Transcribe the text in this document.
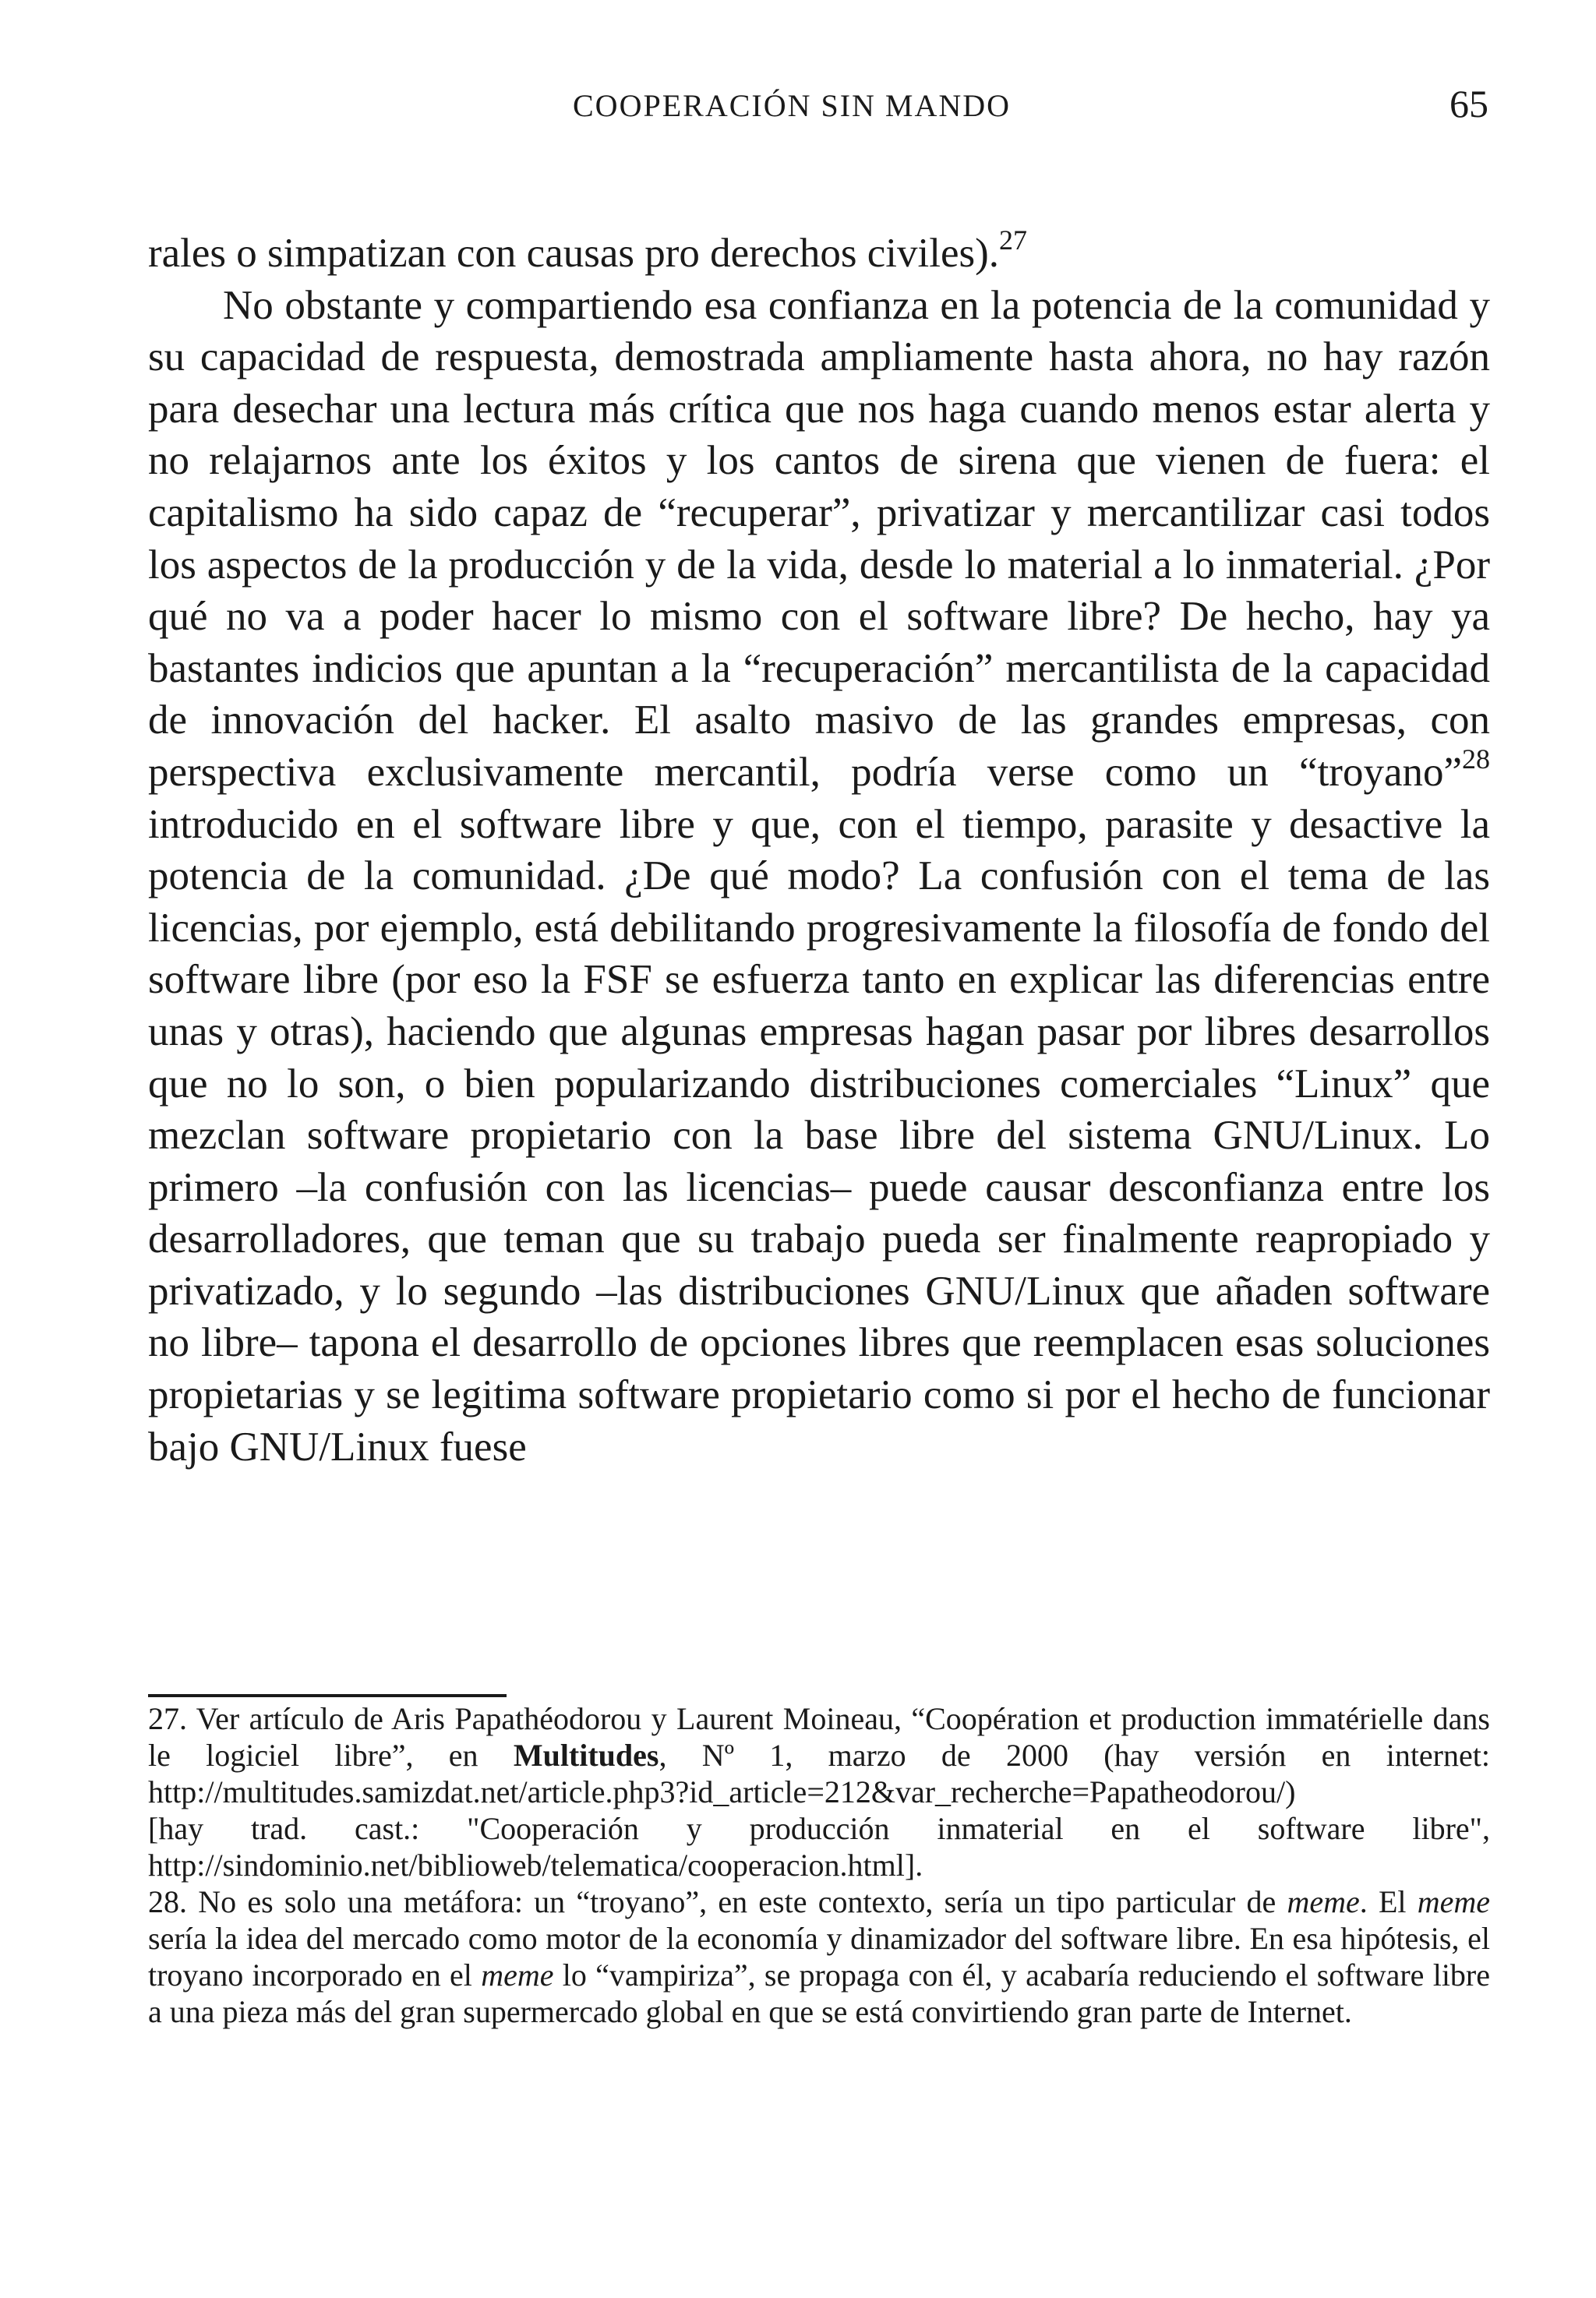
COOPERACIÓN SIN MANDO	65

rales o simpatizan con causas pro derechos civiles).$^{27}$

No obstante y compartiendo esa confianza en la potencia de la comunidad y su capacidad de respuesta, demostrada ampliamente hasta ahora, no hay razón para desechar una lectura más crítica que nos haga cuando menos estar alerta y no relajarnos ante los éxitos y los cantos de sirena que vienen de fuera: el capitalismo ha sido capaz de “recuperar”, privatizar y mercantilizar casi todos los aspectos de la producción y de la vida, desde lo material a lo inmaterial. ¿Por qué no va a poder hacer lo mismo con el software libre? De hecho, hay ya bastantes indicios que apuntan a la “recuperación” mercantilista de la capacidad de innovación del hacker. El asalto masivo de las grandes empresas, con perspectiva exclusivamente mercantil, podría verse como un “troyano”$^{28}$ introducido en el software libre y que, con el tiempo, parasite y desactive la potencia de la comunidad. ¿De qué modo? La confusión con el tema de las licencias, por ejemplo, está debilitando progresivamente la filosofía de fondo del software libre (por eso la FSF se esfuerza tanto en explicar las diferencias entre unas y otras), haciendo que algunas empresas hagan pasar por libres desarrollos que no lo son, o bien popularizando distribuciones comerciales “Linux” que mezclan software propietario con la base libre del sistema GNU/Linux. Lo primero –la confusión con las licencias– puede causar desconfianza entre los desarrolladores, que teman que su trabajo pueda ser finalmente reapropiado y privatizado, y lo segundo –las distribuciones GNU/Linux que añaden software no libre– tapona el desarrollo de opciones libres que reemplacen esas soluciones propietarias y se legitima software propietario como si por el hecho de funcionar bajo GNU/Linux fuese

27. Ver artículo de Aris Papathéodorou y Laurent Moineau, “Coopération et production immatérielle dans le logiciel libre”, en Multitudes, Nº 1, marzo de 2000 (hay versión en internet: http://multitudes.samizdat.net/article.php3?id_article=212&var_recherche=Papatheodorou/)

[hay trad. cast.: "Cooperación y producción inmaterial en el software libre", http://sindominio.net/biblioweb/telematica/cooperacion.html].

28. No es solo una metáfora: un “troyano”, en este contexto, sería un tipo particular de meme. El meme sería la idea del mercado como motor de la economía y dinamizador del software libre. En esa hipótesis, el troyano incorporado en el meme lo “vampiriza”, se propaga con él, y acabaría reduciendo el software libre a una pieza más del gran supermercado global en que se está convirtiendo gran parte de Internet.
